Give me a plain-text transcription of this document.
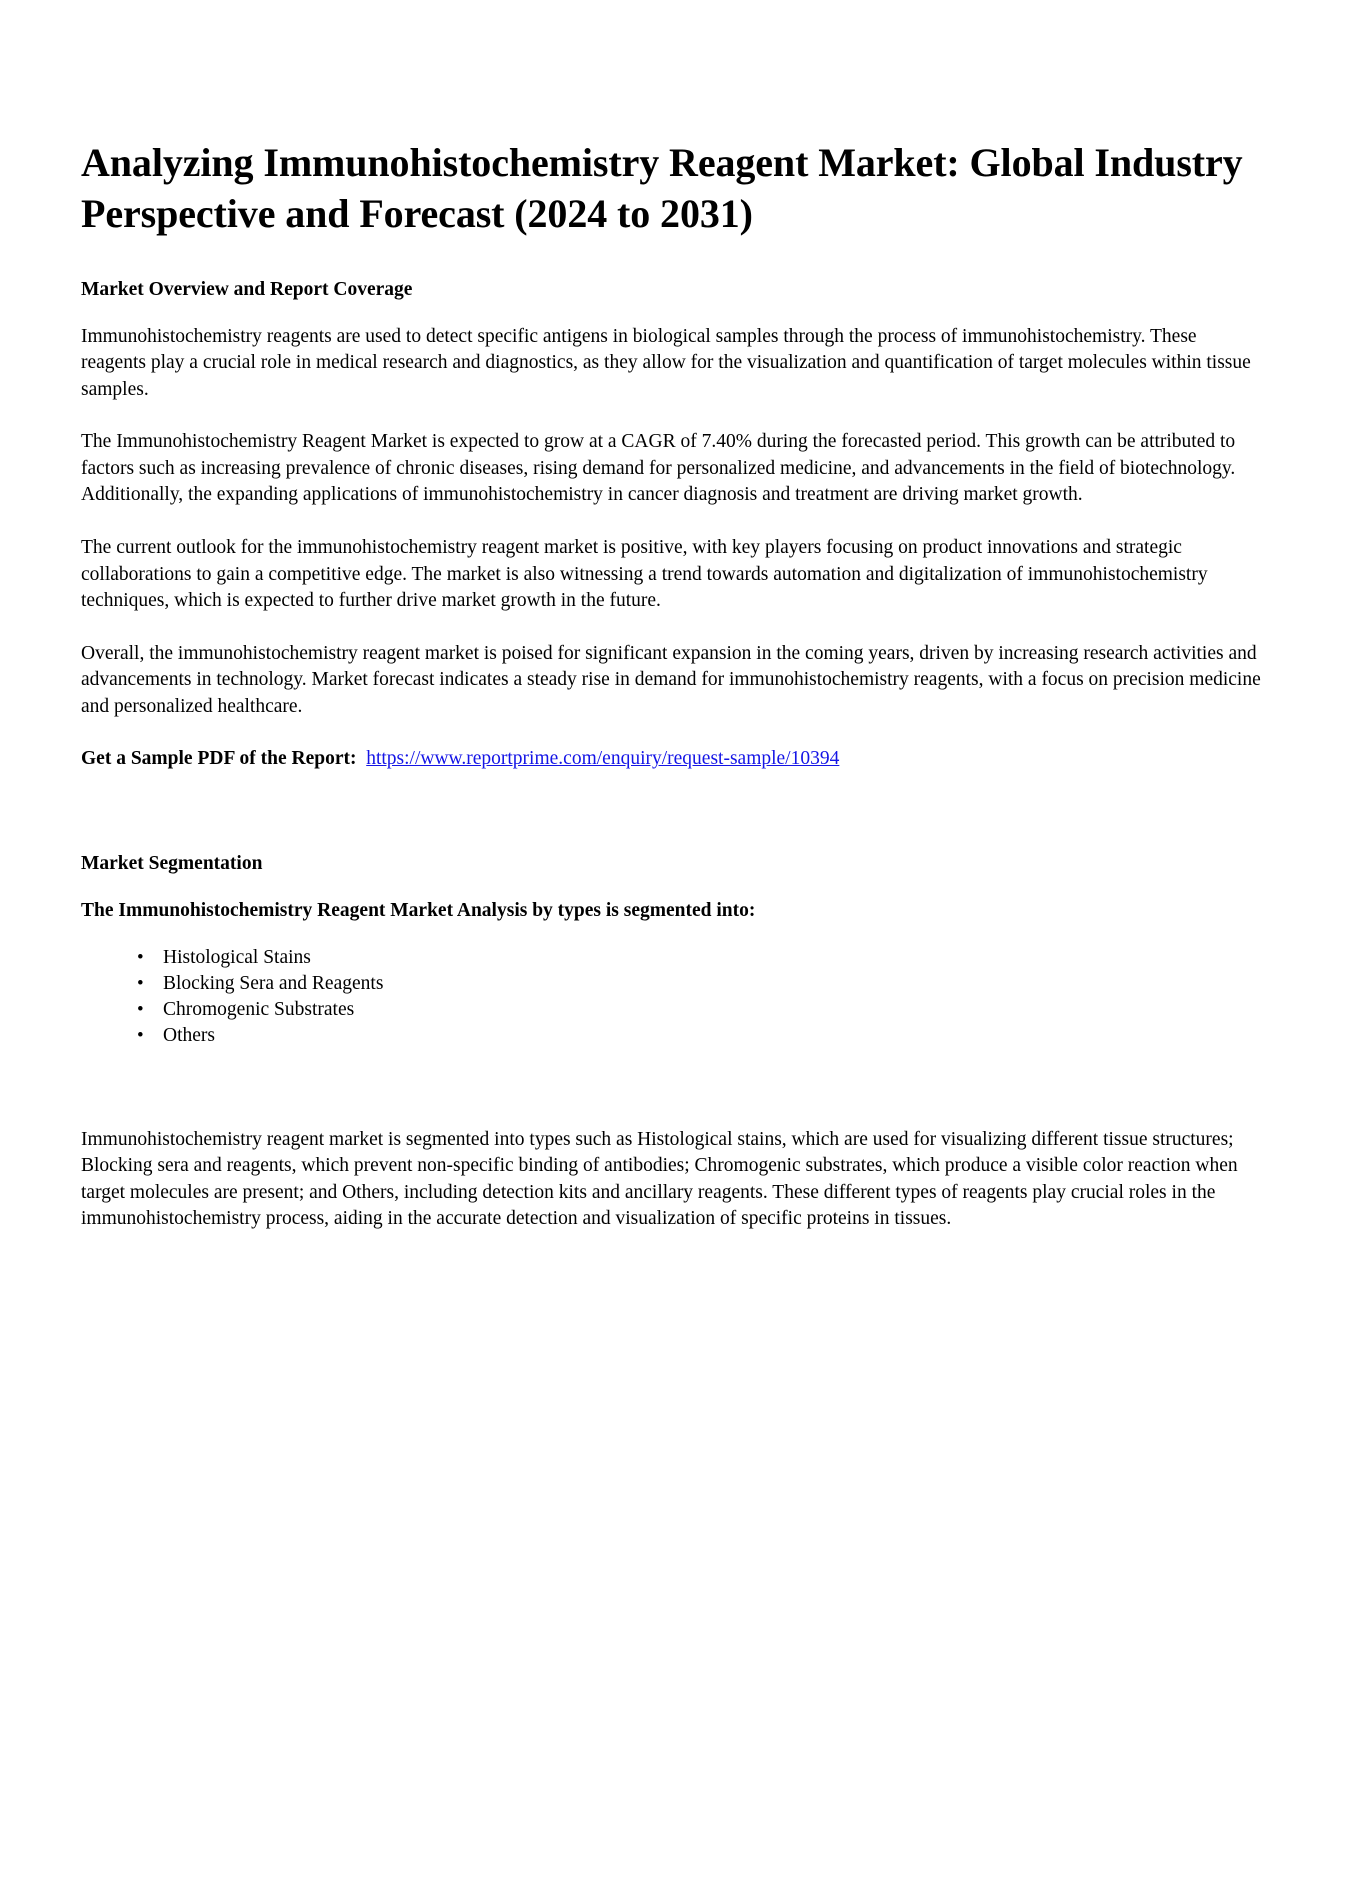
Analyzing Immunohistochemistry Reagent Market: Global Industry Perspective and Forecast (2024 to 2031)

Market Overview and Report Coverage

Immunohistochemistry reagents are used to detect specific antigens in biological samples through the process of immunohistochemistry. These reagents play a crucial role in medical research and diagnostics, as they allow for the visualization and quantification of target molecules within tissue samples.

The Immunohistochemistry Reagent Market is expected to grow at a CAGR of 7.40% during the forecasted period. This growth can be attributed to factors such as increasing prevalence of chronic diseases, rising demand for personalized medicine, and advancements in the field of biotechnology. Additionally, the expanding applications of immunohistochemistry in cancer diagnosis and treatment are driving market growth.

The current outlook for the immunohistochemistry reagent market is positive, with key players focusing on product innovations and strategic collaborations to gain a competitive edge. The market is also witnessing a trend towards automation and digitalization of immunohistochemistry techniques, which is expected to further drive market growth in the future.

Overall, the immunohistochemistry reagent market is poised for significant expansion in the coming years, driven by increasing research activities and advancements in technology. Market forecast indicates a steady rise in demand for immunohistochemistry reagents, with a focus on precision medicine and personalized healthcare.

Get a Sample PDF of the Report: https://www.reportprime.com/enquiry/request-sample/10394

Market Segmentation

The Immunohistochemistry Reagent Market Analysis by types is segmented into:

• Histological Stains
• Blocking Sera and Reagents
• Chromogenic Substrates
• Others

Immunohistochemistry reagent market is segmented into types such as Histological stains, which are used for visualizing different tissue structures; Blocking sera and reagents, which prevent non-specific binding of antibodies; Chromogenic substrates, which produce a visible color reaction when target molecules are present; and Others, including detection kits and ancillary reagents. These different types of reagents play crucial roles in the immunohistochemistry process, aiding in the accurate detection and visualization of specific proteins in tissues.
